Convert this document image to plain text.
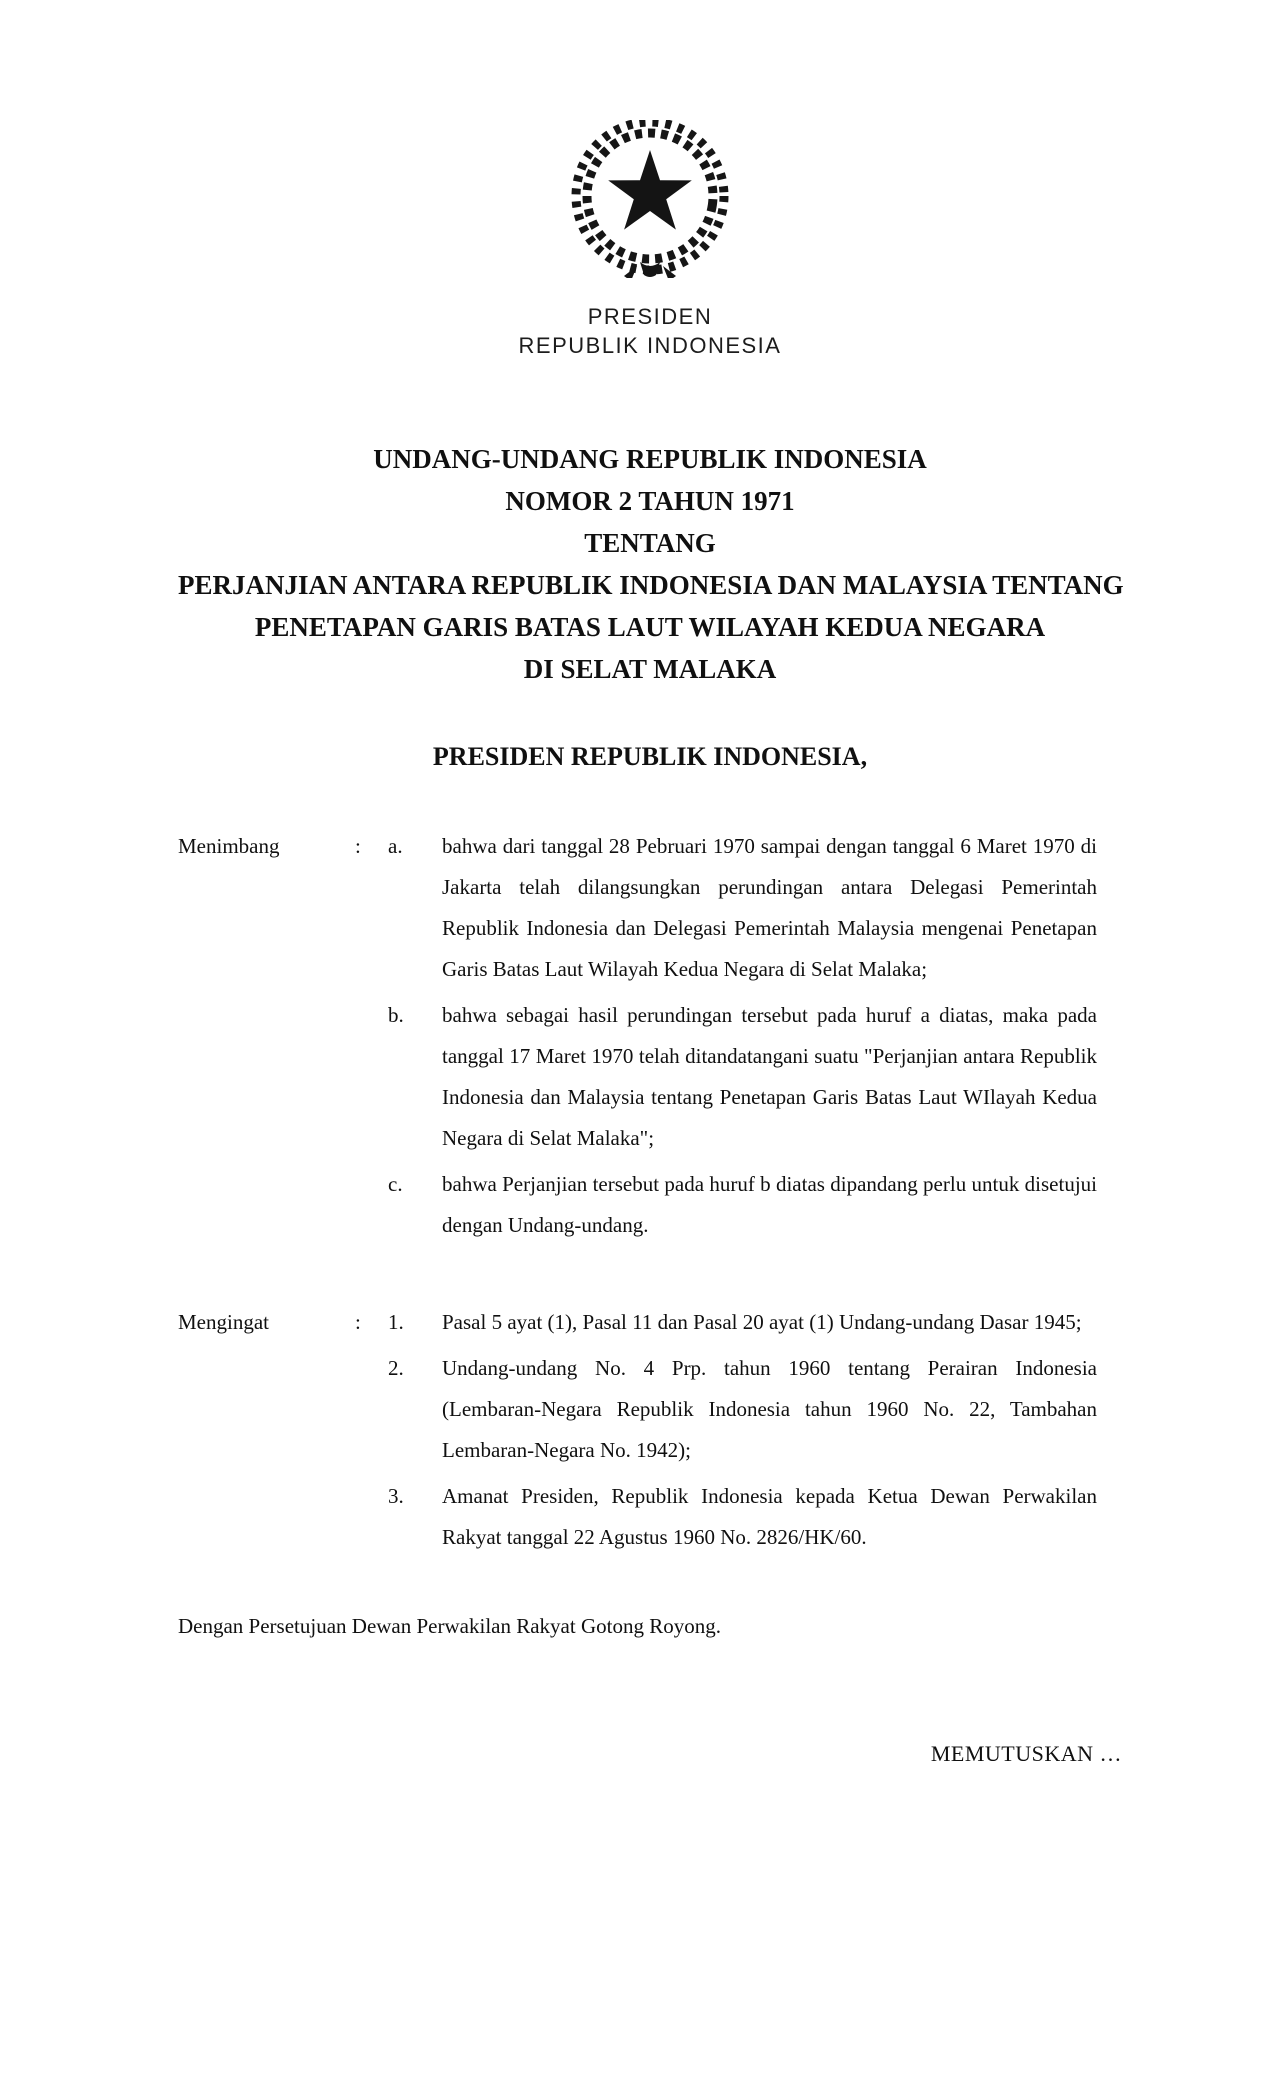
PRESIDEN
REPUBLIK INDONESIA
UNDANG-UNDANG REPUBLIK INDONESIA
NOMOR 2 TAHUN 1971
TENTANG
PERJANJIAN ANTARA REPUBLIK INDONESIA DAN MALAYSIA TENTANG
PENETAPAN GARIS BATAS LAUT WILAYAH KEDUA NEGARA
DI SELAT MALAKA
PRESIDEN REPUBLIK INDONESIA,
Menimbang	:	a.	bahwa dari tanggal 28 Pebruari 1970 sampai dengan tanggal 6 Maret 1970 di Jakarta telah dilangsungkan perundingan antara Delegasi Pemerintah Republik Indonesia dan Delegasi Pemerintah Malaysia mengenai Penetapan Garis Batas Laut Wilayah Kedua Negara di Selat Malaka;
b.	bahwa sebagai hasil perundingan tersebut pada huruf a diatas, maka pada tanggal 17 Maret 1970 telah ditandatangani suatu "Perjanjian antara Republik Indonesia dan Malaysia tentang Penetapan Garis Batas Laut WIlayah Kedua Negara di Selat Malaka";
c.	bahwa Perjanjian tersebut pada huruf b diatas dipandang perlu untuk disetujui dengan Undang-undang.
Mengingat	:	1.	Pasal 5 ayat (1), Pasal 11 dan Pasal 20 ayat (1) Undang-undang Dasar 1945;
2.	Undang-undang No. 4 Prp. tahun 1960 tentang Perairan Indonesia (Lembaran-Negara Republik Indonesia tahun 1960 No. 22, Tambahan Lembaran-Negara No. 1942);
3.	Amanat Presiden, Republik Indonesia kepada Ketua Dewan Perwakilan Rakyat tanggal 22 Agustus 1960 No. 2826/HK/60.
Dengan Persetujuan Dewan Perwakilan Rakyat Gotong Royong.
MEMUTUSKAN …
